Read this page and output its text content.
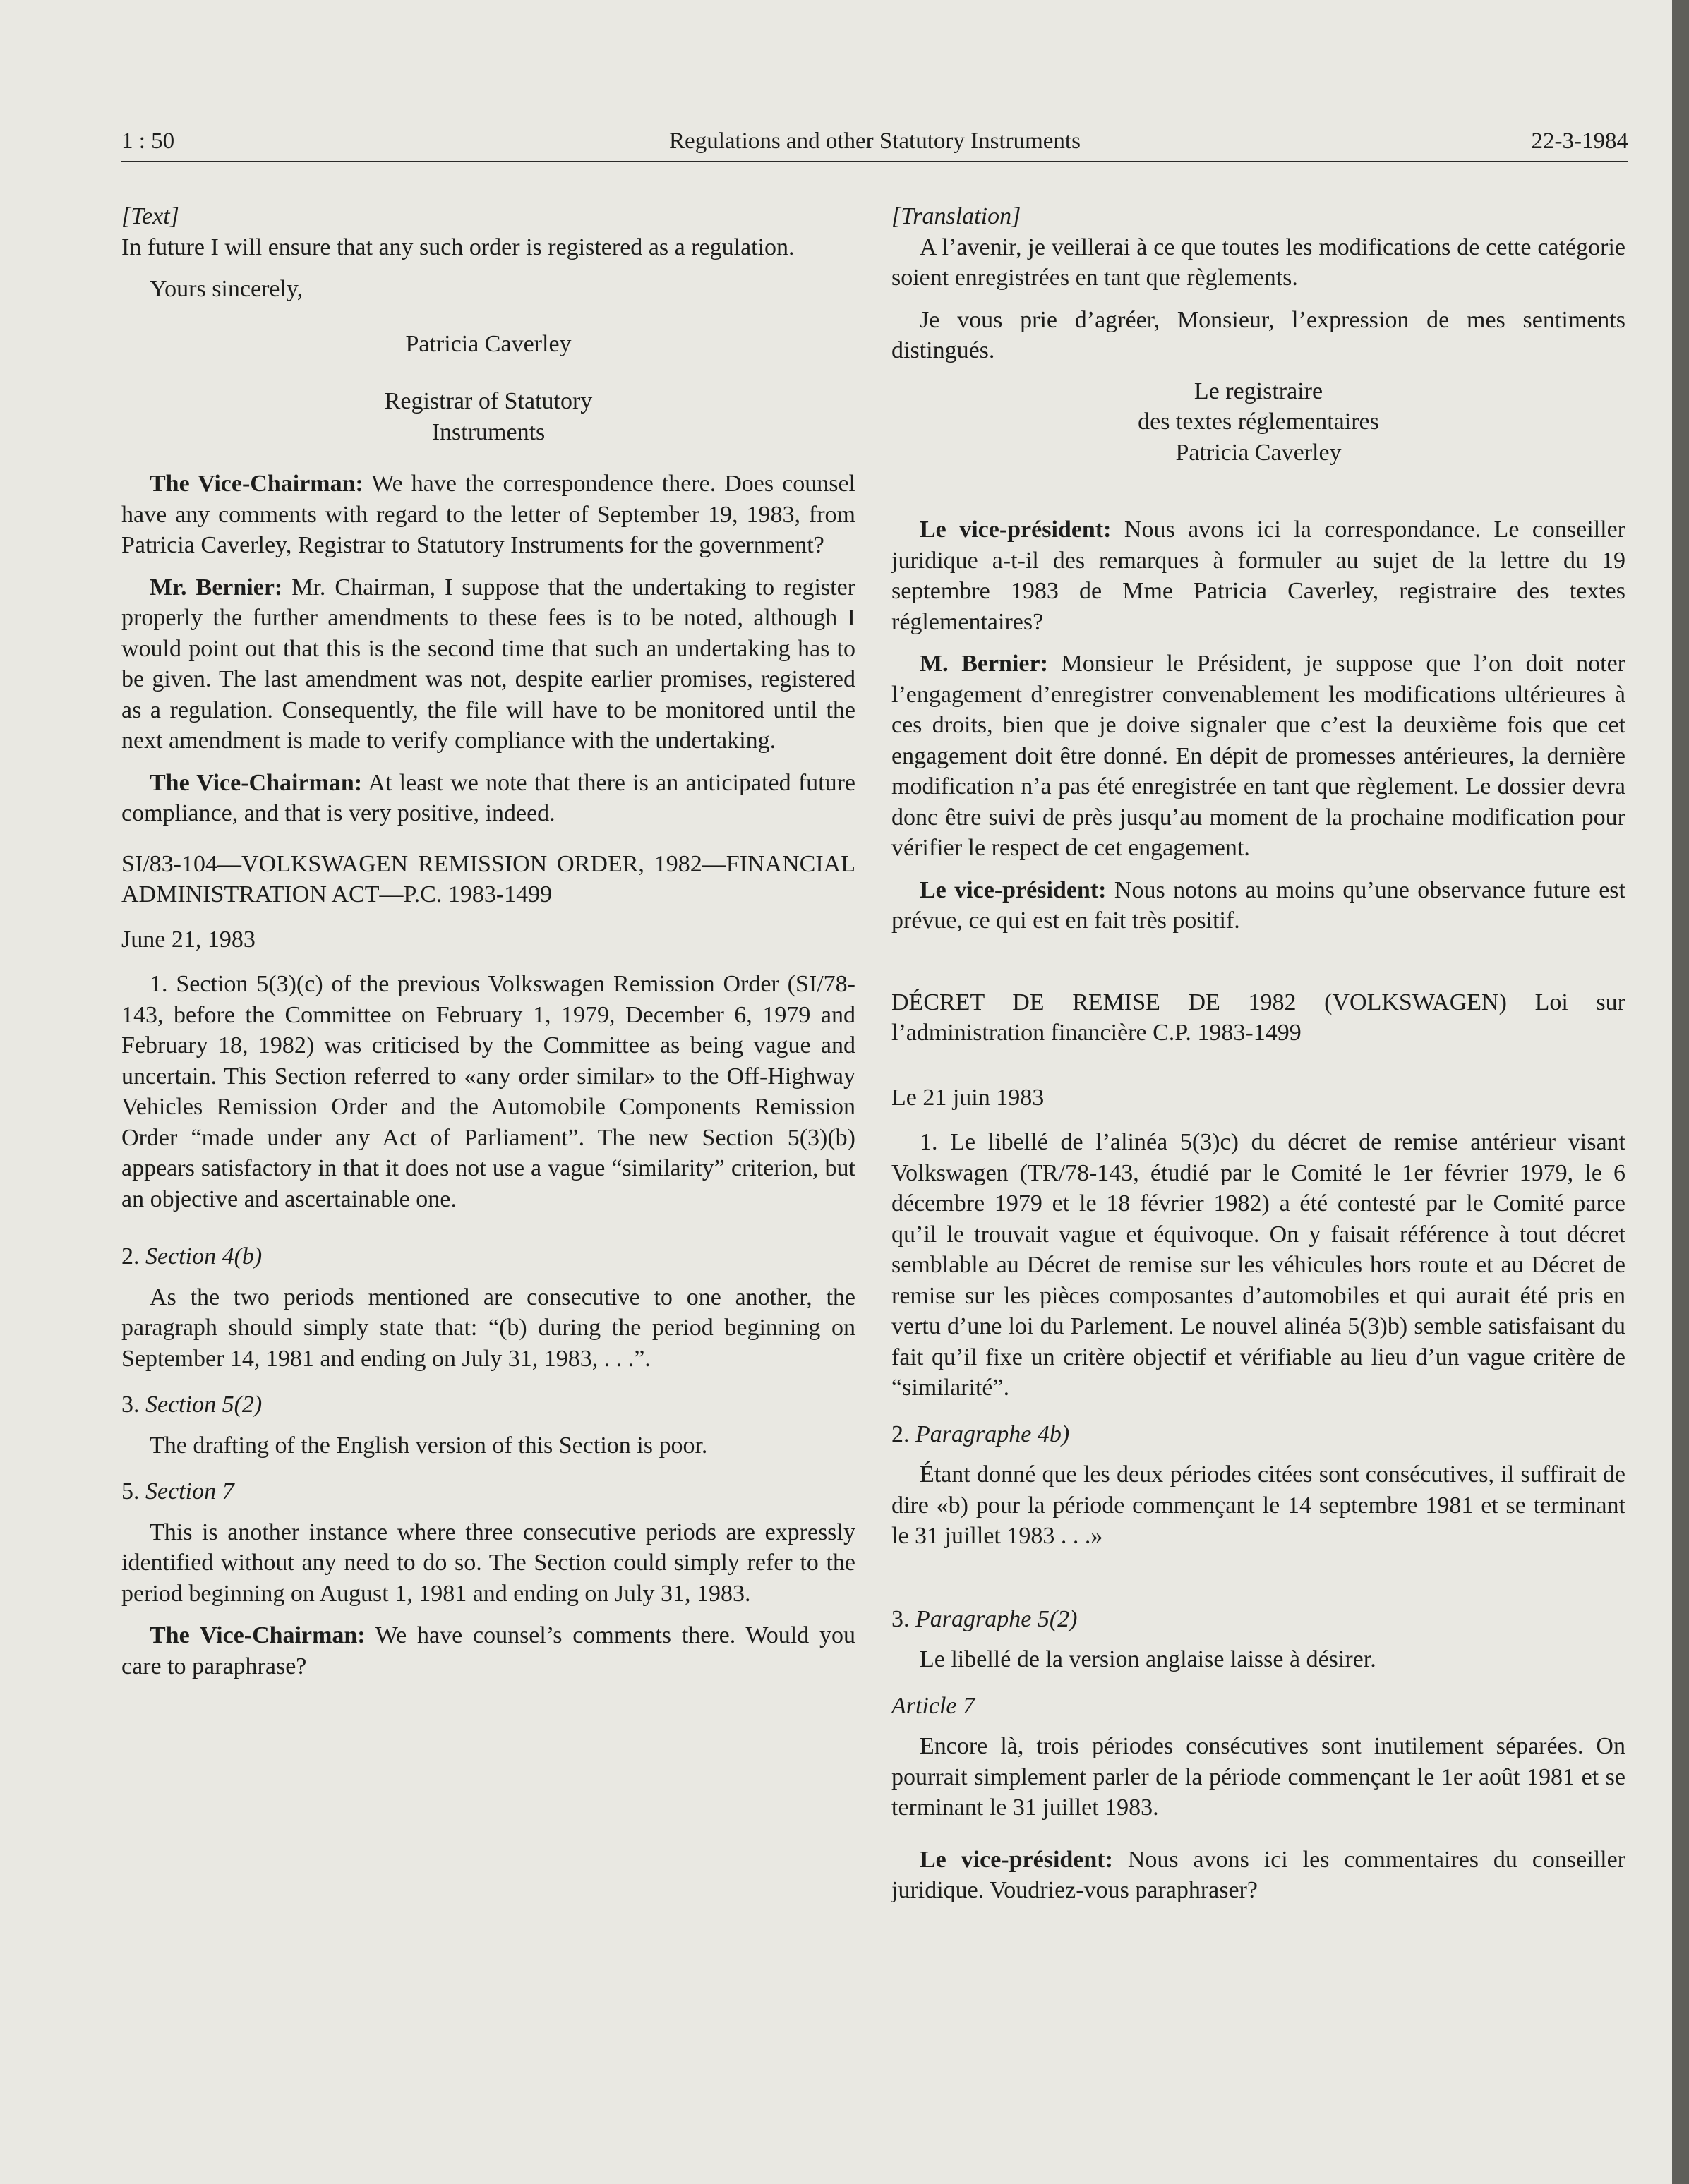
Regulations and other Statutory Instruments
1 : 50	22-3-1984

[Text]

In future I will ensure that any such order is registered as a regulation.

Yours sincerely,

Patricia Caverley

Registrar of Statutory

Instruments

The Vice-Chairman: We have the correspondence there. Does counsel have any comments with regard to the letter of September 19, 1983, from Patricia Caverley, Registrar to Statutory Instruments for the government?

Mr. Bernier: Mr. Chairman, I suppose that the undertaking to register properly the further amendments to these fees is to be noted, although I would point out that this is the second time that such an undertaking has to be given. The last amendment was not, despite earlier promises, registered as a regulation. Consequently, the file will have to be monitored until the next amendment is made to verify compliance with the undertaking.

The Vice-Chairman: At least we note that there is an anticipated future compliance, and that is very positive, indeed.

SI/83-104—VOLKSWAGEN REMISSION ORDER, 1982—FINANCIAL ADMINISTRATION ACT—P.C. 1983-1499

June 21, 1983

1. Section 5(3)(c) of the previous Volkswagen Remission Order (SI/78-143, before the Committee on February 1, 1979, December 6, 1979 and February 18, 1982) was criticised by the Committee as being vague and uncertain. This Section referred to «any order similar» to the Off-Highway Vehicles Remission Order and the Automobile Components Remission Order “made under any Act of Parliament”. The new Section 5(3)(b) appears satisfactory in that it does not use a vague “similarity” criterion, but an objective and ascertainable one.

2. Section 4(b)

As the two periods mentioned are consecutive to one another, the paragraph should simply state that: “(b) during the period beginning on September 14, 1981 and ending on July 31, 1983, . . .”.

3. Section 5(2)

The drafting of the English version of this Section is poor.

5. Section 7

This is another instance where three consecutive periods are expressly identified without any need to do so. The Section could simply refer to the period beginning on August 1, 1981 and ending on July 31, 1983.

The Vice-Chairman: We have counsel’s comments there. Would you care to paraphrase?

[Translation]

A l’avenir, je veillerai à ce que toutes les modifications de cette catégorie soient enregistrées en tant que règlements.

Je vous prie d’agréer, Monsieur, l’expression de mes sentiments distingués.

Le registraire

des textes réglementaires

Patricia Caverley

Le vice-président: Nous avons ici la correspondance. Le conseiller juridique a-t-il des remarques à formuler au sujet de la lettre du 19 septembre 1983 de Mme Patricia Caverley, registraire des textes réglementaires?

M. Bernier: Monsieur le Président, je suppose que l’on doit noter l’engagement d’enregistrer convenablement les modifications ultérieures à ces droits, bien que je doive signaler que c’est la deuxième fois que cet engagement doit être donné. En dépit de promesses antérieures, la dernière modification n’a pas été enregistrée en tant que règlement. Le dossier devra donc être suivi de près jusqu’au moment de la prochaine modification pour vérifier le respect de cet engagement.

Le vice-président: Nous notons au moins qu’une observance future est prévue, ce qui est en fait très positif.

DÉCRET DE REMISE DE 1982 (VOLKSWAGEN) Loi sur l’administration financière C.P. 1983-1499

Le 21 juin 1983

1. Le libellé de l’alinéa 5(3)c) du décret de remise antérieur visant Volkswagen (TR/78-143, étudié par le Comité le 1er février 1979, le 6 décembre 1979 et le 18 février 1982) a été contesté par le Comité parce qu’il le trouvait vague et équivoque. On y faisait référence à tout décret semblable au Décret de remise sur les véhicules hors route et au Décret de remise sur les pièces composantes d’automobiles et qui aurait été pris en vertu d’une loi du Parlement. Le nouvel alinéa 5(3)b) semble satisfaisant du fait qu’il fixe un critère objectif et vérifiable au lieu d’un vague critère de “similarité”.

2. Paragraphe 4b)

Étant donné que les deux périodes citées sont consécutives, il suffirait de dire «b) pour la période commençant le 14 septembre 1981 et se terminant le 31 juillet 1983 . . .»

3. Paragraphe 5(2)

Le libellé de la version anglaise laisse à désirer.

Article 7

Encore là, trois périodes consécutives sont inutilement séparées. On pourrait simplement parler de la période commençant le 1er août 1981 et se terminant le 31 juillet 1983.

Le vice-président: Nous avons ici les commentaires du conseiller juridique. Voudriez-vous paraphraser?
